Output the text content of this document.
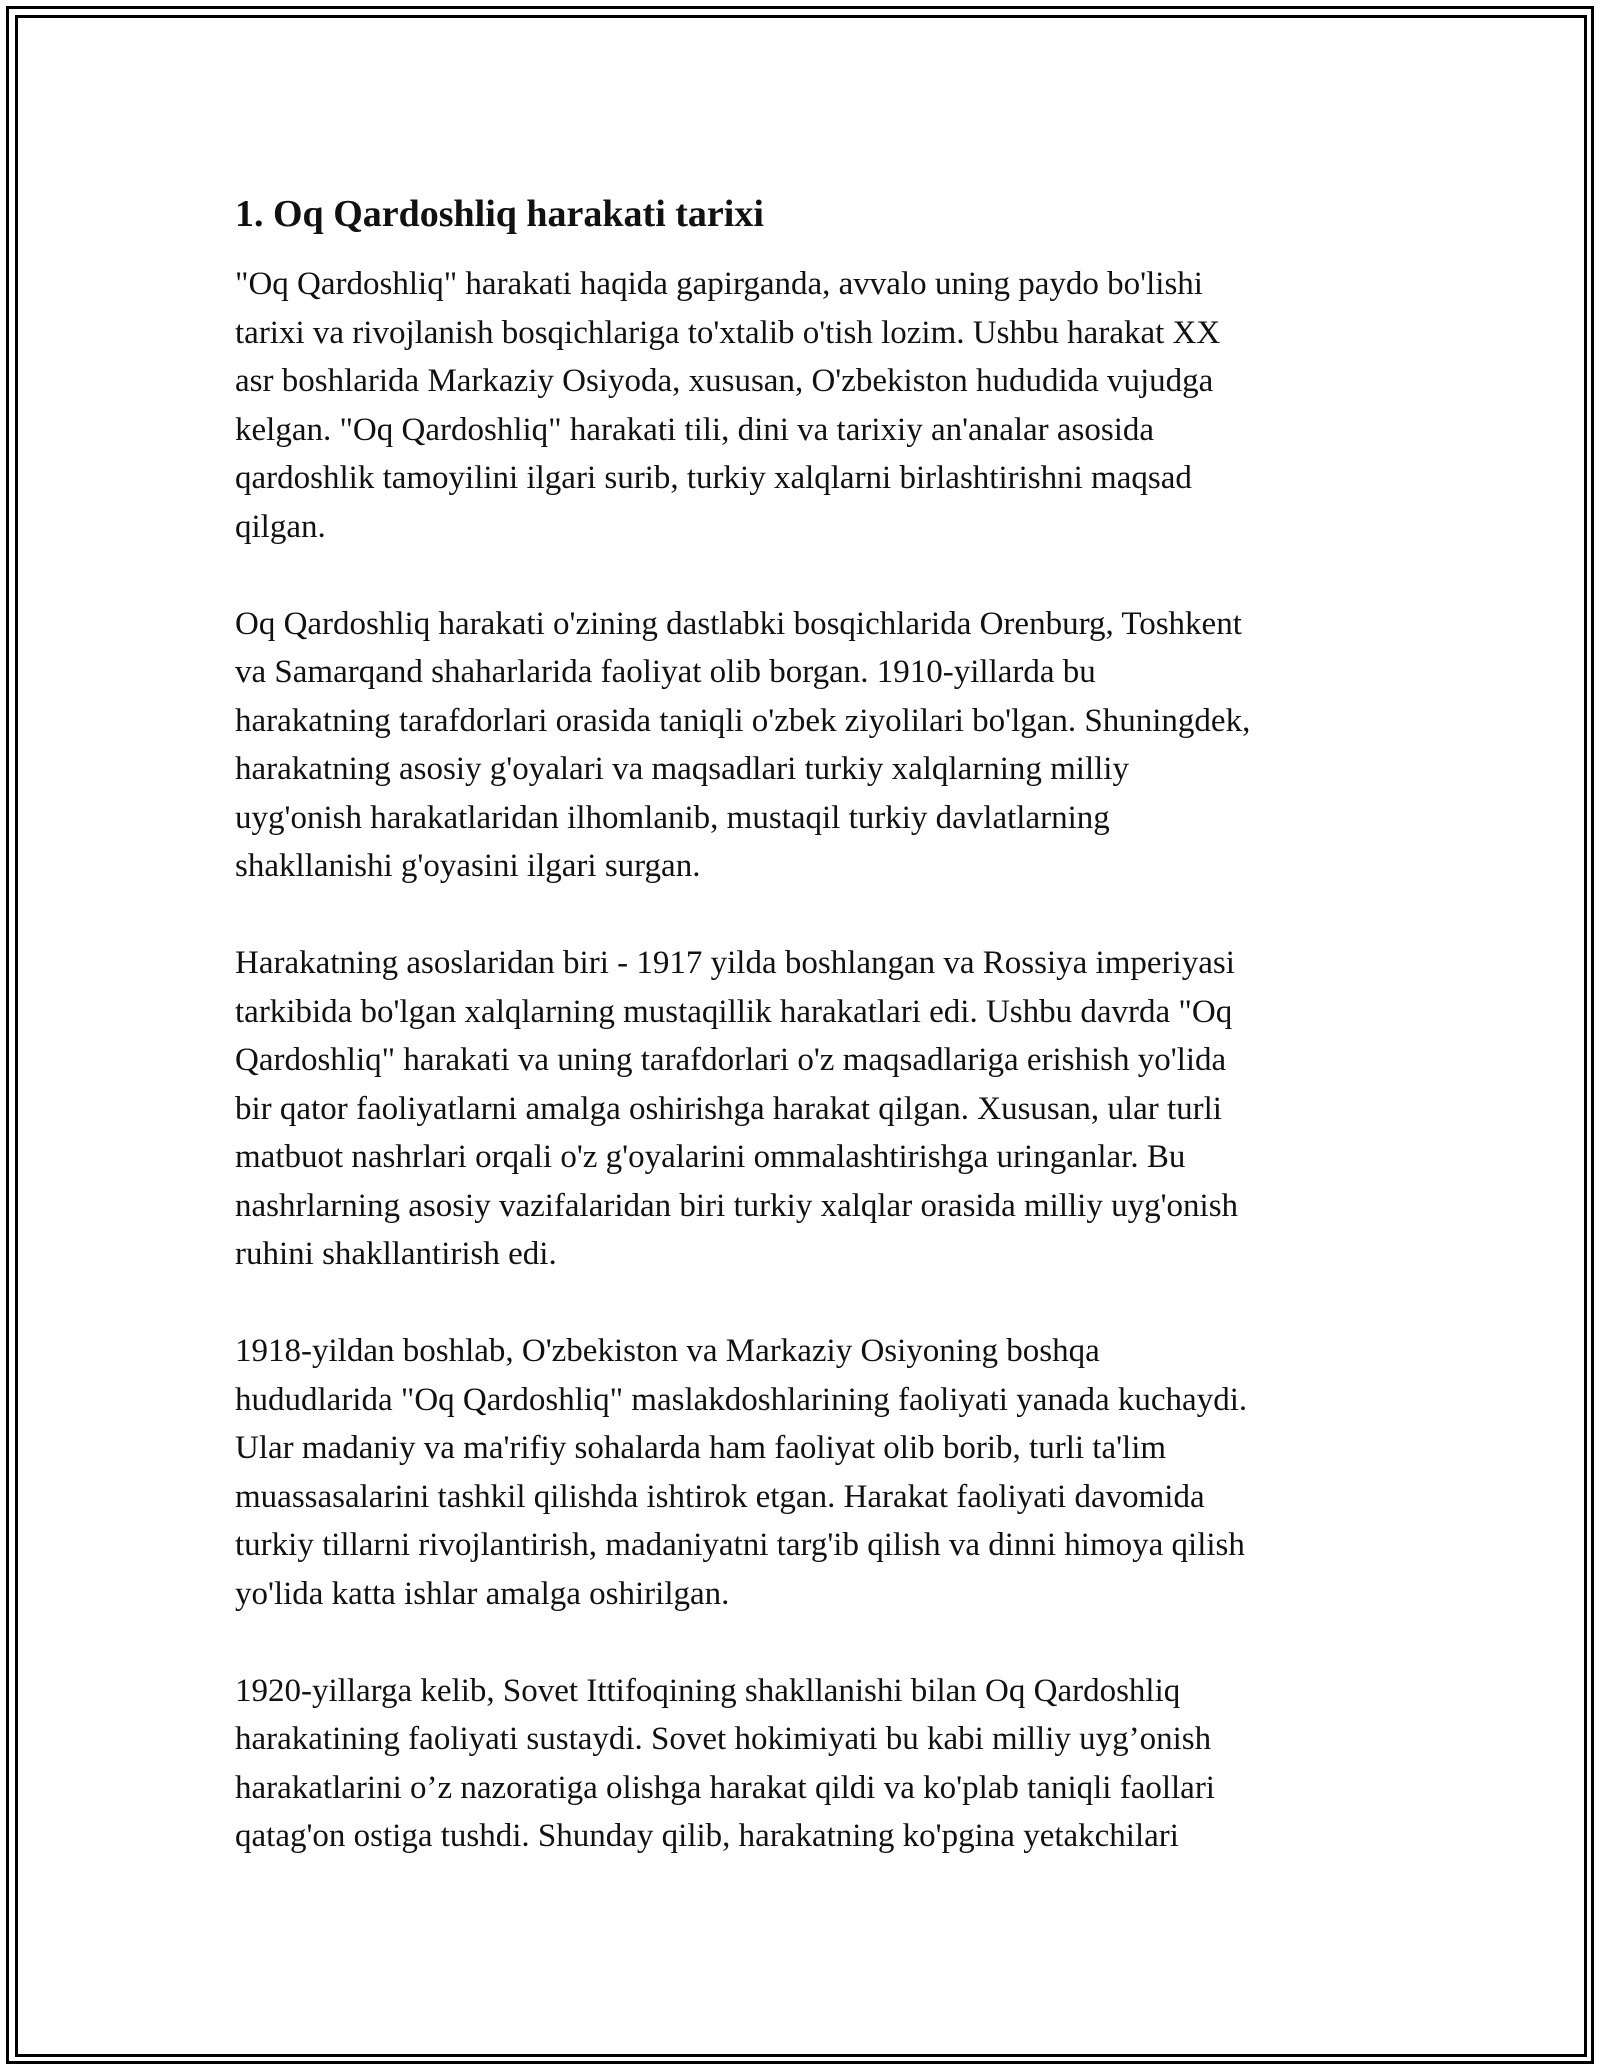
1. Oq Qardoshliq harakati tarixi

"Oq Qardoshliq" harakati haqida gapirganda, avvalo uning paydo bo'lishi
tarixi va rivojlanish bosqichlariga to'xtalib o'tish lozim. Ushbu harakat XX
asr boshlarida Markaziy Osiyoda, xususan, O'zbekiston hududida vujudga
kelgan. "Oq Qardoshliq" harakati tili, dini va tarixiy an'analar asosida
qardoshlik tamoyilini ilgari surib, turkiy xalqlarni birlashtirishni maqsad
qilgan.

Oq Qardoshliq harakati o'zining dastlabki bosqichlarida Orenburg, Toshkent
va Samarqand shaharlarida faoliyat olib borgan. 1910-yillarda bu
harakatning tarafdorlari orasida taniqli o'zbek ziyolilari bo'lgan. Shuningdek,
harakatning asosiy g'oyalari va maqsadlari turkiy xalqlarning milliy
uyg'onish harakatlaridan ilhomlanib, mustaqil turkiy davlatlarning
shakllanishi g'oyasini ilgari surgan.

Harakatning asoslaridan biri - 1917 yilda boshlangan va Rossiya imperiyasi
tarkibida bo'lgan xalqlarning mustaqillik harakatlari edi. Ushbu davrda "Oq
Qardoshliq" harakati va uning tarafdorlari o'z maqsadlariga erishish yo'lida
bir qator faoliyatlarni amalga oshirishga harakat qilgan. Xususan, ular turli
matbuot nashrlari orqali o'z g'oyalarini ommalashtirishga uringanlar. Bu
nashrlarning asosiy vazifalaridan biri turkiy xalqlar orasida milliy uyg'onish
ruhini shakllantirish edi.

1918-yildan boshlab, O'zbekiston va Markaziy Osiyoning boshqa
hududlarida "Oq Qardoshliq" maslakdoshlarining faoliyati yanada kuchaydi.
Ular madaniy va ma'rifiy sohalarda ham faoliyat olib borib, turli ta'lim
muassasalarini tashkil qilishda ishtirok etgan. Harakat faoliyati davomida
turkiy tillarni rivojlantirish, madaniyatni targ'ib qilish va dinni himoya qilish
yo'lida katta ishlar amalga oshirilgan.

1920-yillarga kelib, Sovet Ittifoqining shakllanishi bilan Oq Qardoshliq
harakatining faoliyati sustaydi. Sovet hokimiyati bu kabi milliy uyg’onish
harakatlarini o’z nazoratiga olishga harakat qildi va ko'plab taniqli faollari
qatag'on ostiga tushdi. Shunday qilib, harakatning ko'pgina yetakchilari
